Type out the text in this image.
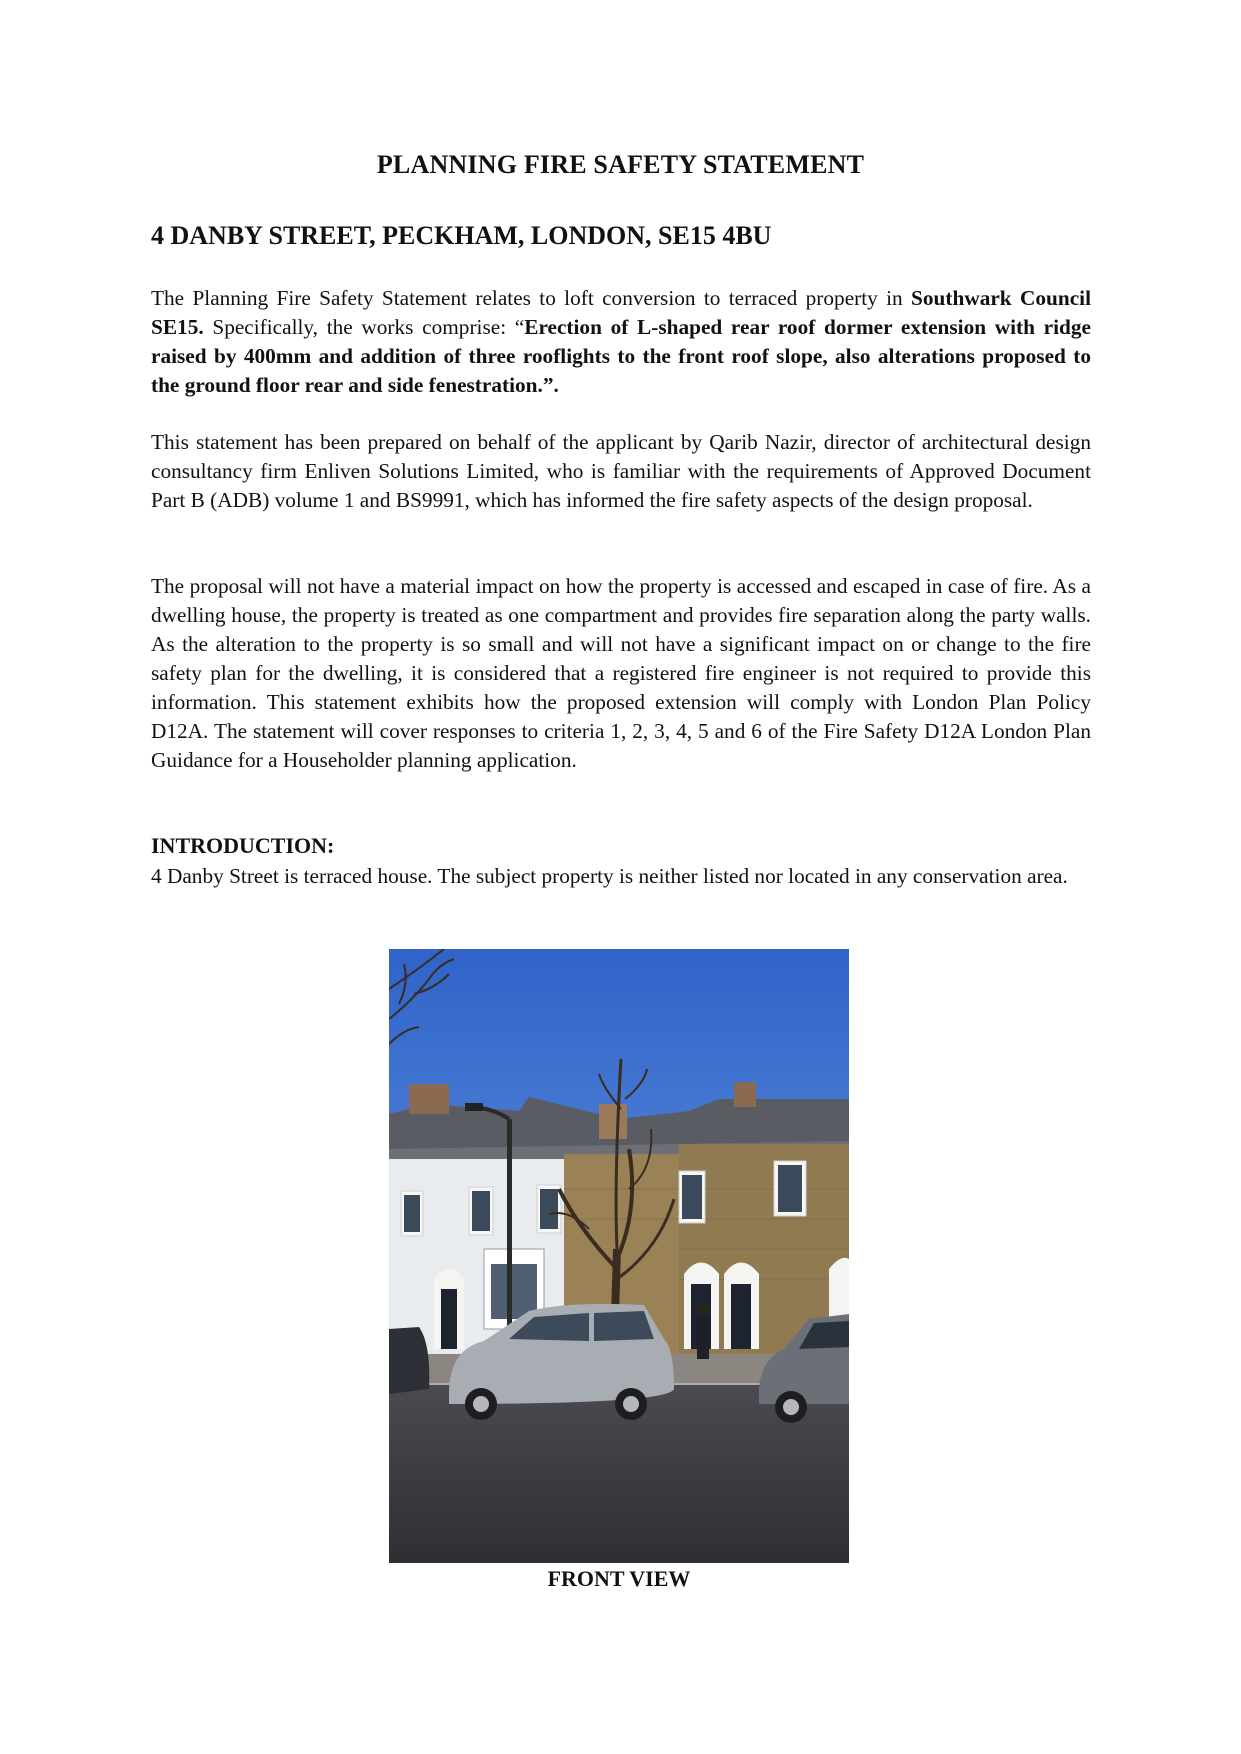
PLANNING FIRE SAFETY STATEMENT
4 DANBY STREET, PECKHAM, LONDON, SE15 4BU

The Planning Fire Safety Statement relates to loft conversion to terraced property in Southwark Council SE15. Specifically, the works comprise: “Erection of L-shaped rear roof dormer extension with ridge raised by 400mm and addition of three rooflights to the front roof slope, also alterations proposed to the ground floor rear and side fenestration.”.

This statement has been prepared on behalf of the applicant by Qarib Nazir, director of architectural design consultancy firm Enliven Solutions Limited, who is familiar with the requirements of Approved Document Part B (ADB) volume 1 and BS9991, which has informed the fire safety aspects of the design proposal.

The proposal will not have a material impact on how the property is accessed and escaped in case of fire. As a dwelling house, the property is treated as one compartment and provides fire separation along the party walls. As the alteration to the property is so small and will not have a significant impact on or change to the fire safety plan for the dwelling, it is considered that a registered fire engineer is not required to provide this information. This statement exhibits how the proposed extension will comply with London Plan Policy D12A. The statement will cover responses to criteria 1, 2, 3, 4, 5 and 6 of the Fire Safety D12A London Plan Guidance for a Householder planning application.

INTRODUCTION:

4 Danby Street is terraced house. The subject property is neither listed nor located in any conservation area.

FRONT VIEW
